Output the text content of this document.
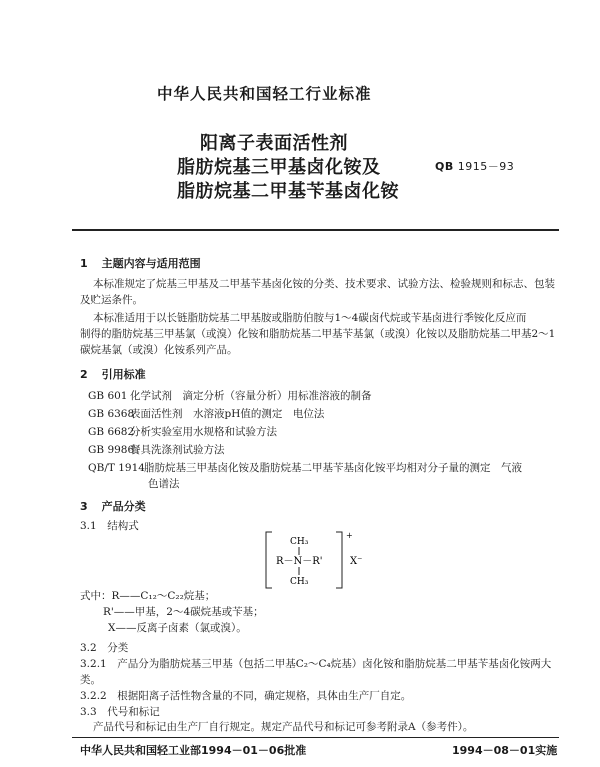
中华人民共和国轻工行业标准
阳离子表面活性剂
脂肪烷基三甲基卤化铵及
脂肪烷基二甲基苄基卤化铵
QB 1915－93
1 主题内容与适用范围
本标准规定了烷基三甲基及二甲基苄基卤化铵的分类、技术要求、试验方法、检验规则和标志、包装
及贮运条件。
本标准适用于以长链脂肪烷基二甲基胺或脂肪伯胺与1～4碳卤代烷或苄基卤进行季铵化反应而
制得的脂肪烷基三甲基氯（或溴）化铵和脂肪烷基二甲基苄基氯（或溴）化铵以及脂肪烷基二甲基2～1
碳烷基氯（或溴）化铵系列产品。
2 引用标准
GB 601 化学试剂　滴定分析（容量分析）用标准溶液的制备
GB 6368表面活性剂　水溶液pH值的测定　电位法
GB 6682分析实验室用水规格和试验方法
GB 9986餐具洗涤剂试验方法
QB/T 1914脂肪烷基三甲基卤化铵及脂肪烷基二甲基苄基卤化铵平均相对分子量的测定　气液
色谱法
3 产品分类
3.1　结构式
+
CH₃
R－N－R'
CH₃
X⁻
式中：R——C₁₂～C₂₂烷基；
R'——甲基，2～4碳烷基或苄基；
X——反离子卤素（氯或溴）。
3.2　分类
3.2.1　产品分为脂肪烷基三甲基（包括二甲基C₂～C₄烷基）卤化铵和脂肪烷基二甲基苄基卤化铵两大
类。
3.2.2　根据阳离子活性物含量的不同，确定规格，具体由生产厂自定。
3.3　代号和标记
产品代号和标记由生产厂自行规定。规定产品代号和标记可参考附录A（参考件）。
中华人民共和国轻工业部1994－01－06批准	1994－08－01实施
